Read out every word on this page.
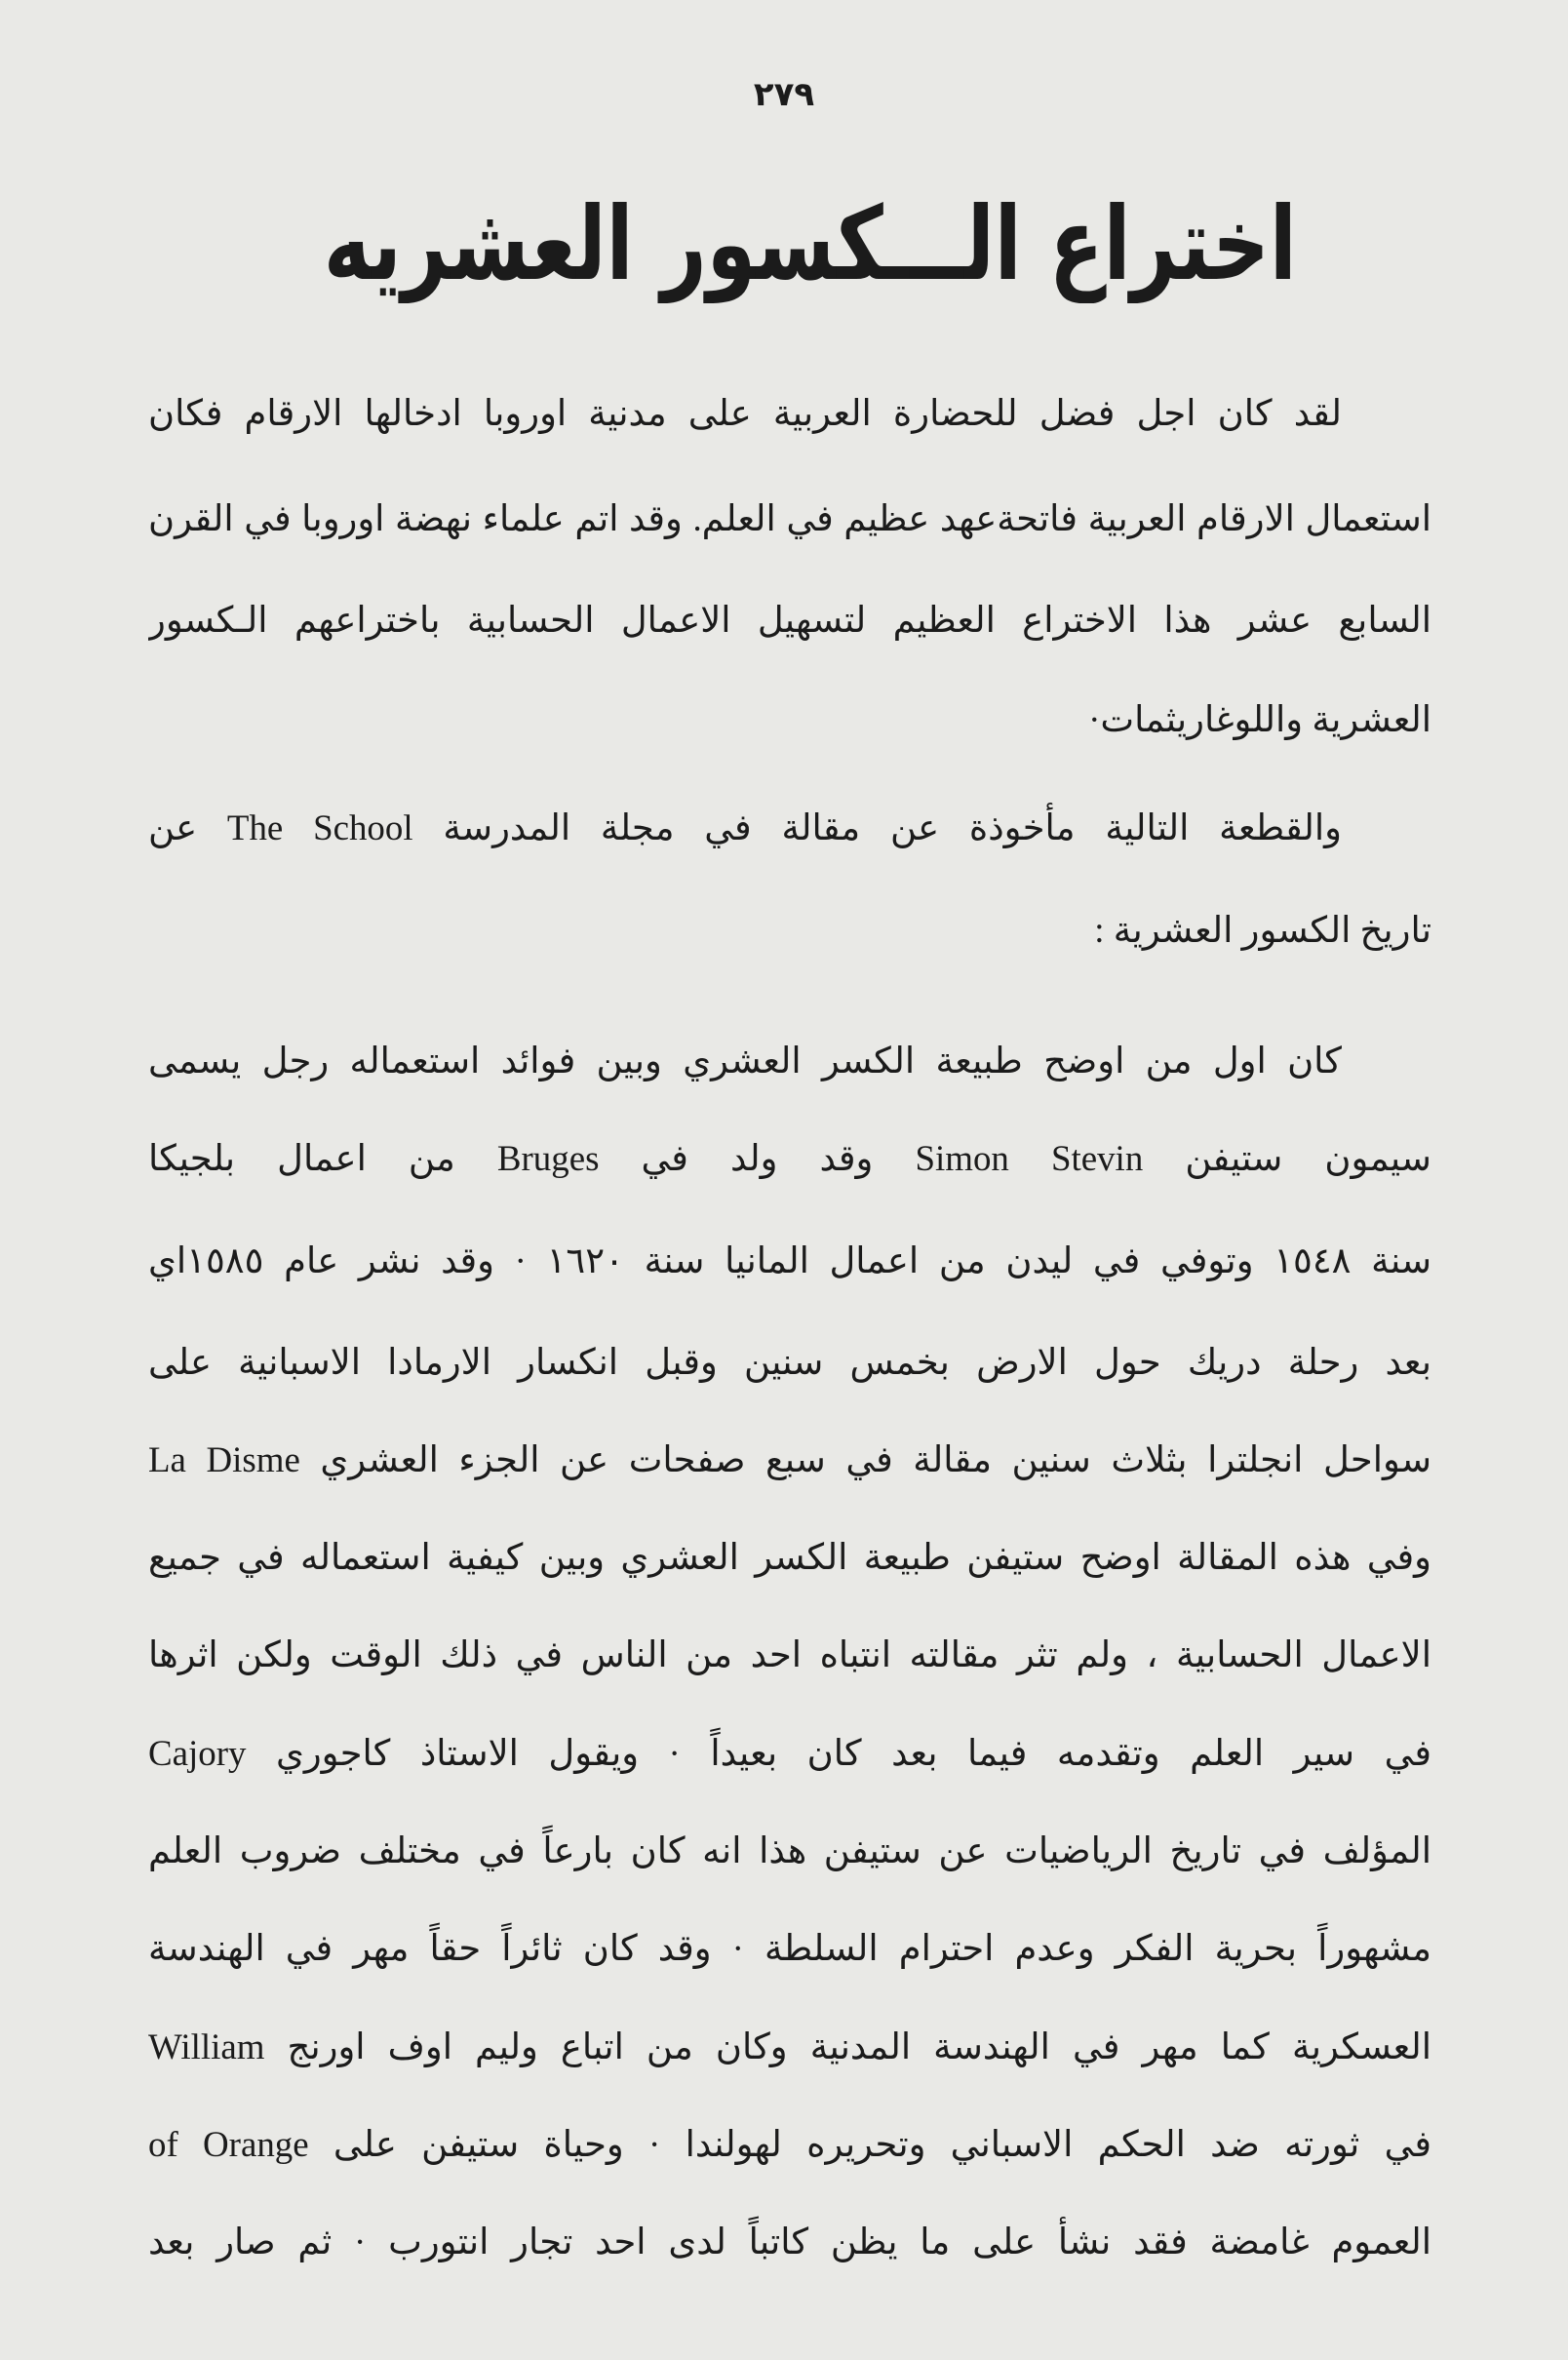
٢٧٩
اختراع الـــكسور العشريه
لقد كان اجل فضل للحضارة العربية على مدنية اوروبا ادخالها الارقام فكان
استعمال الارقام العربية فاتحةعهد عظيم في العلم. وقد اتم علماء نهضة اوروبا في القرن
السابع عشر هذا الاختراع العظيم لتسهيل الاعمال الحسابية باختراعهم الـكسور
العشرية واللوغاريثمات·
والقطعة التالية مأخوذة عن مقالة في مجلة المدرسة The School عن
تاريخ الكسور العشرية :
كان اول من اوضح طبيعة الكسر العشري وبين فوائد استعماله رجل يسمى
سيمون ستيفن Simon Stevin وقد ولد في Bruges من اعمال بلجيكا
سنة ١٥٤٨ وتوفي في ليدن من اعمال المانيا سنة ١٦٢٠ · وقد نشر عام ١٥٨٥اي
بعد رحلة دريك حول الارض بخمس سنين وقبل انكسار الارمادا الاسبانية على
سواحل انجلترا بثلاث سنين مقالة في سبع صفحات عن الجزء العشري La Disme
وفي هذه المقالة اوضح ستيفن طبيعة الكسر العشري وبين كيفية استعماله في جميع
الاعمال الحسابية ، ولم تثر مقالته انتباه احد من الناس في ذلك الوقت ولكن اثرها
في سير العلم وتقدمه فيما بعد كان بعيداً · ويقول الاستاذ كاجوري Cajory
المؤلف في تاريخ الرياضيات عن ستيفن هذا انه كان بارعاً في مختلف ضروب العلم
مشهوراً بحرية الفكر وعدم احترام السلطة · وقد كان ثائراً حقاً مهر في الهندسة
العسكرية كما مهر في الهندسة المدنية وكان من اتباع وليم اوف اورنج William
of Orange في ثورته ضد الحكم الاسباني وتحريره لهولندا · وحياة ستيفن على
العموم غامضة فقد نشأ على ما يظن كاتباً لدى احد تجار انتورب · ثم صار بعد
